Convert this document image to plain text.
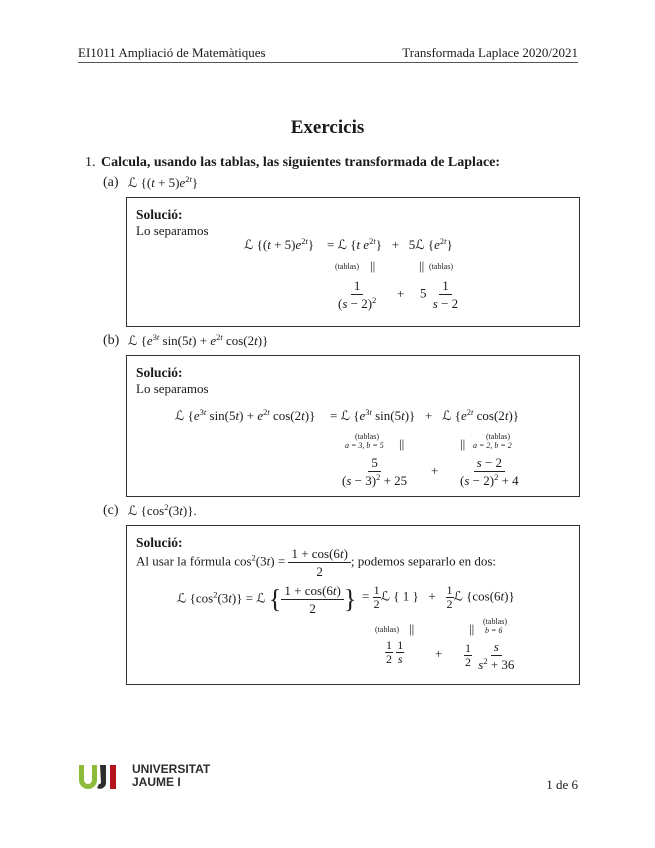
EI1011 Ampliació de Matemàtiques	Transformada Laplace 2020/2021
Exercicis
1. Calcula, usando las tablas, las siguientes transformada de Laplace:
(a) ℒ $\{(t + 5)e^{2t}\}$
Solució:
Lo separamos
ℒ $\{(t + 5)e^{2t}\}$ = ℒ {t $e^{2t}$}   +   5ℒ $\{e^{2t}\}$
(tablas) ||	|| (tablas)
$\frac{1}{(s - 2)^2} + 5 \frac{1}{s - 2}$
(b) ℒ {$e^{3t}$ $\sin(5t) + e^{2t}$ cos(2t)}
Solució:
Lo separamos
ℒ {$e^{3t}$ $\sin(5t) + e^{2t}$ cos(2t)} = ℒ {$e^{3t}$ sin(5t)}   +   ℒ {$e^{2t}$ cos(2t)}
(tablas)
a = 3, b = 5 ||	||	(tablas)
a = 2, b = 2
$\frac{5}{(s - 3)^2 + 25} + \frac{s - 2}{(s - 2)^2 + 4}$
(c) ℒ $\{\cos^2(3t)\}$.
Solució:
Al usar la fórmula $\cos^2(3t) = \frac{1 + \cos(6t)}{2}$ ; podemos separarlo en dos:
ℒ $\{\cos^2(3t)\}$ = ℒ { $\frac{1 + \cos(6t)}{2}$ } = $\frac{1}{2}$ ℒ { 1 }   + $\frac{1}{2}$ ℒ {cos(6t)}
(tablas) ||	||	(tablas)
b = 6
$\frac{1}{2}$
$\frac{1}{s} + \frac{1}{2}$
$\frac{s}{s^2 + 36}$
UNIVERSITAT
JAUME I	1 de 6
